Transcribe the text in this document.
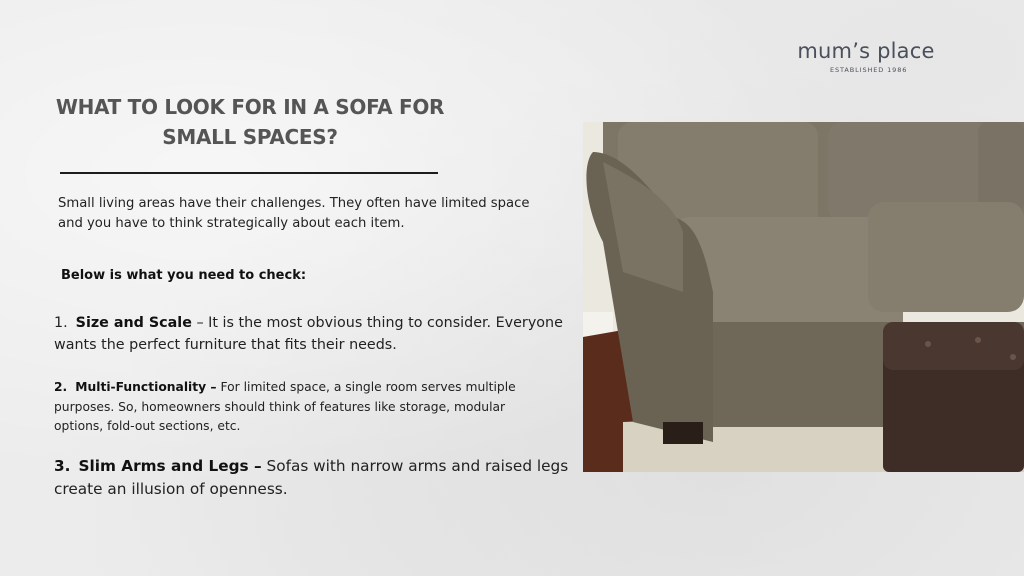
mum’s place
ESTABLISHED 1986
WHAT TO LOOK FOR IN A SOFA FOR
SMALL SPACES?

Small living areas have their challenges. They often have limited space and you have to think strategically about each item.

Below is what you need to check:

1. Size and Scale – It is the most obvious thing to consider. Everyone wants the perfect furniture that fits their needs.

2. Multi-Functionality – For limited space, a single room serves multiple purposes. So, homeowners should think of features like storage, modular options, fold-out sections, etc.

3. Slim Arms and Legs – Sofas with narrow arms and raised legs create an illusion of openness.
